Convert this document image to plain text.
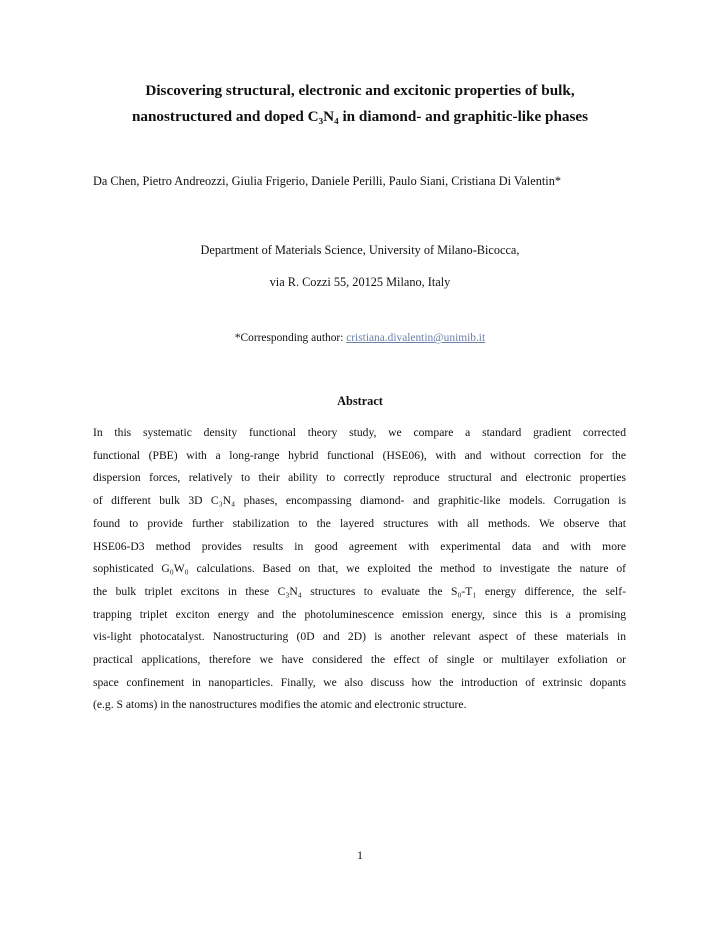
Discovering structural, electronic and excitonic properties of bulk,
nanostructured and doped C₃N₄ in diamond- and graphitic-like phases
Da Chen, Pietro Andreozzi, Giulia Frigerio, Daniele Perilli, Paulo Siani, Cristiana Di Valentin*
Department of Materials Science, University of Milano-Bicocca,
via R. Cozzi 55, 20125 Milano, Italy
*Corresponding author: cristiana.divalentin@unimib.it
Abstract
In this systematic density functional theory study, we compare a standard gradient corrected
functional (PBE) with a long-range hybrid functional (HSE06), with and without correction for the
dispersion forces, relatively to their ability to correctly reproduce structural and electronic properties
of different bulk 3D C₃N₄ phases, encompassing diamond- and graphitic-like models. Corrugation is
found to provide further stabilization to the layered structures with all methods. We observe that
HSE06-D3 method provides results in good agreement with experimental data and with more
sophisticated G₀W₀ calculations. Based on that, we exploited the method to investigate the nature of
the bulk triplet excitons in these C₃N₄ structures to evaluate the S₀-T₁ energy difference, the self-
trapping triplet exciton energy and the photoluminescence emission energy, since this is a promising
vis-light photocatalyst. Nanostructuring (0D and 2D) is another relevant aspect of these materials in
practical applications, therefore we have considered the effect of single or multilayer exfoliation or
space confinement in nanoparticles. Finally, we also discuss how the introduction of extrinsic dopants
(e.g. S atoms) in the nanostructures modifies the atomic and electronic structure.
1
